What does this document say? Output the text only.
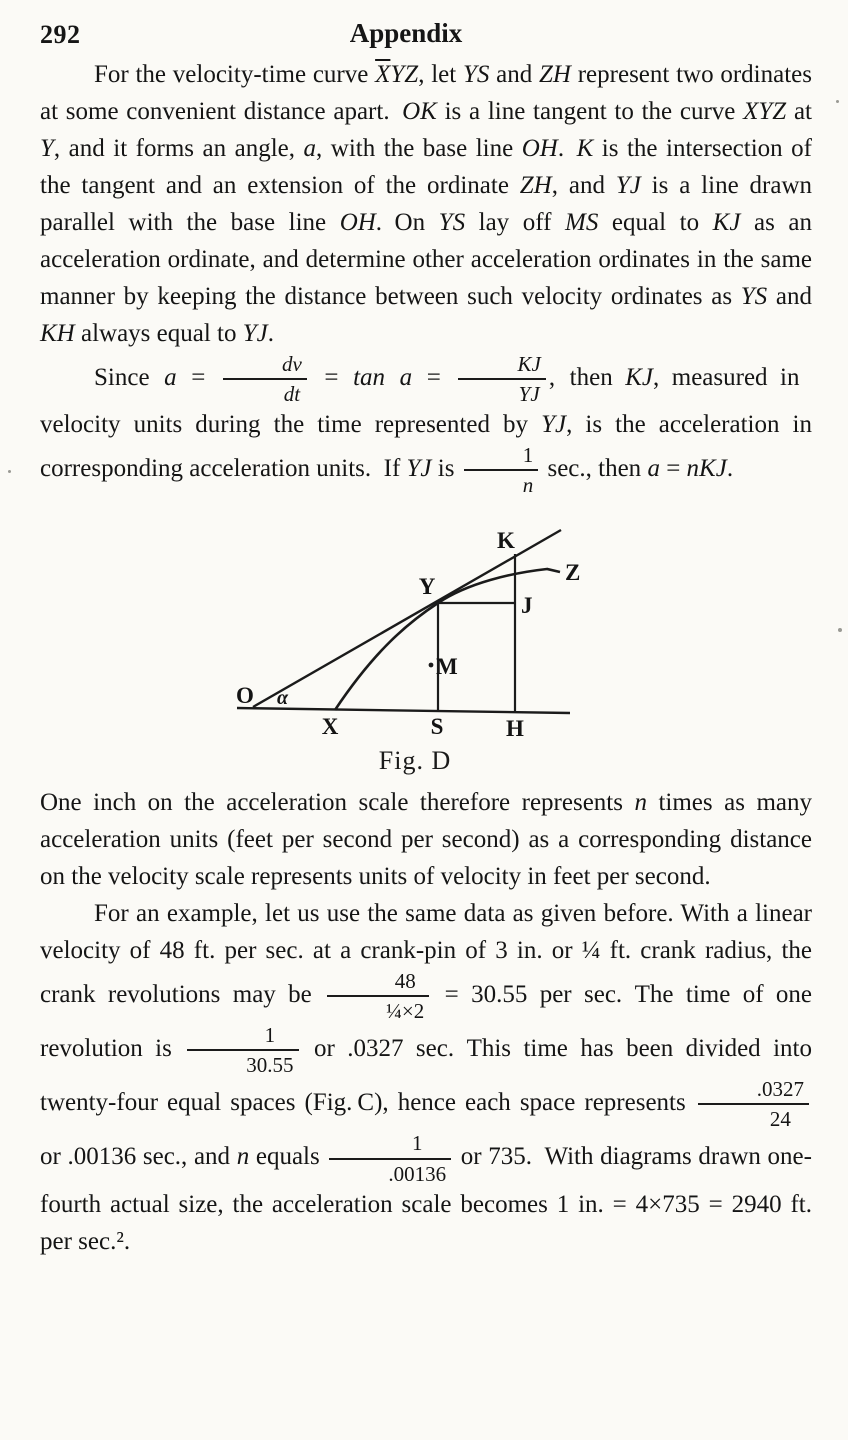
292	Appendix

For the velocity-time curve $\overline{X}YZ$, let YS and ZH represent two ordinates at some convenient distance apart. OK is a line tangent to the curve XYZ at Y, and it forms an angle, a, with the base line OH. K is the intersection of the tangent and an extension of the ordinate ZH, and YJ is a line drawn parallel with the base line OH. On YS lay off MS equal to KJ as an acceleration ordinate, and determine other acceleration ordinates in the same manner by keeping the distance between such velocity ordinates as YS and KH always equal to YJ.

Since $a = \frac{dv}{dt} = \tan a = \frac{KJ}{YJ}$ , then KJ, measured in velocity units during the time represented by YJ, is the acceleration in corresponding acceleration units. If YJ is $\frac{1}{n} \sec$., then a = nKJ.

K
Z
Y
J
M
O α
X	S	H
Fig. D

One inch on the acceleration scale therefore represents n times as many acceleration units (feet per second per second) as a corresponding distance on the velocity scale represents units of velocity in feet per second.

For an example, let us use the same data as given before. With a linear velocity of 48 ft. per sec. at a crank-pin of 3 in. or ¼ ft. crank radius, the crank revolutions may be $\frac{48}{\text{¼×2}} = 30.55$ per sec. The time of one revolution is $\frac{1}{30.55}$ or .0327 sec. This time has been divided into twenty-four equal spaces (Fig. C), hence each space represents $\frac{.0327}{24}$
or .00136 sec., and n equals $\frac{1}{.00136}$ or 735. With diagrams drawn one-fourth actual size, the acceleration scale becomes 1 in. = 4×735 = 2940 ft. per sec.².
